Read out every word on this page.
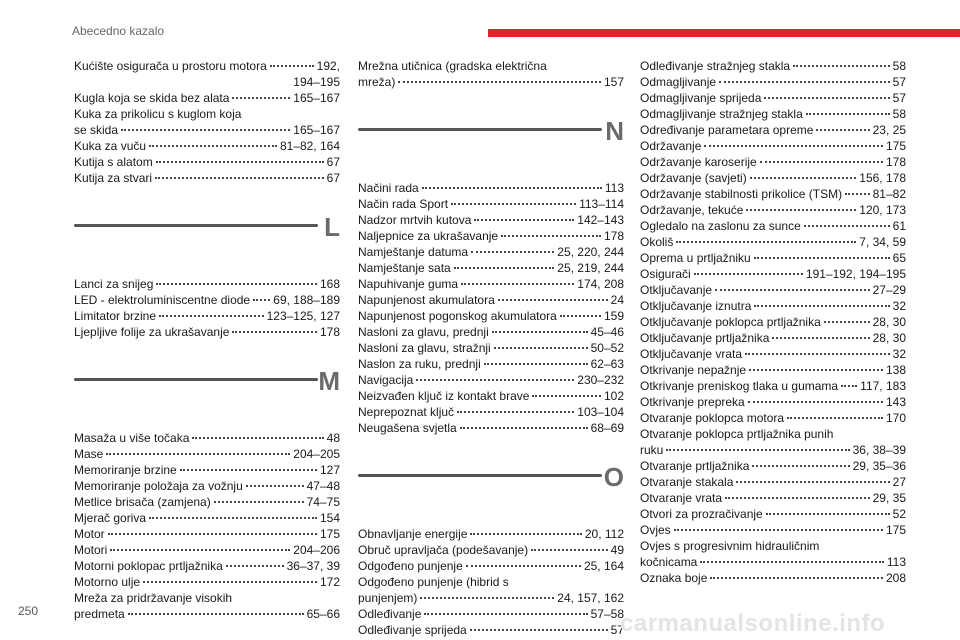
Abecedno kazalo
Kućište osigurača u prostoru motora	192,
194–195
Kugla koja se skida bez alata	165–167
Kuka za prikolicu s kuglom koja
se skida	165–167
Kuka za vuču	81–82, 164
Kutija s alatom	67
Kutija za stvari	67
L
Lanci za snijeg	168
LED - elektroluminiscentne diode 69, 188–189
Limitator brzine	123–125, 127
Ljepljive folije za ukrašavanje	178
M
Masaža u više točaka	48
Mase	204–205
Memoriranje brzine	127
Memoriranje položaja za vožnju	47–48
Metlice brisača (zamjena)	74–75
Mjerač goriva	154
Motor	175
Motori	204–206
Motorni poklopac prtljažnika	36–37, 39
Motorno ulje	172
Mreža za pridržavanje visokih
predmeta	65–66
Mrežna utičnica (gradska električna
mreža)	157
N
Načini rada	113
Način rada Sport	113–114
Nadzor mrtvih kutova	142–143
Naljepnice za ukrašavanje	178
Namještanje datuma	25, 220, 244
Namještanje sata	25, 219, 244
Napuhivanje guma	174, 208
Napunjenost akumulatora	24
Napunjenost pogonskog akumulatora	159
Nasloni za glavu, prednji	45–46
Nasloni za glavu, stražnji	50–52
Naslon za ruku, prednji	62–63
Navigacija	230–232
Neizvađen ključ iz kontakt brave	102
Neprepoznat ključ	103–104
Neugašena svjetla	68–69
O
Obnavljanje energije	20, 112
Obruč upravljača (podešavanje)	49
Odgođeno punjenje	25, 164
Odgođeno punjenje (hibrid s
punjenjem)	24, 157, 162
Odleđivanje	57–58
Odleđivanje sprijeda	57
Odleđivanje stražnjeg stakla	58
Odmagljivanje	57
Odmagljivanje sprijeda	57
Odmagljivanje stražnjeg stakla	58
Određivanje parametara opreme	23, 25
Održavanje	175
Održavanje karoserije	178
Održavanje (savjeti)	156, 178
Održavanje stabilnosti prikolice (TSM)	81–82
Održavanje, tekuće	120, 173
Ogledalo na zaslonu za sunce	61
Okoliš	7, 34, 59
Oprema u prtljažniku	65
Osigurači	191–192, 194–195
Otključavanje	27–29
Otključavanje iznutra	32
Otključavanje poklopca prtljažnika	28, 30
Otključavanje prtljažnika	28, 30
Otključavanje vrata	32
Otkrivanje nepažnje	138
Otkrivanje preniskog tlaka u gumama 117, 183
Otkrivanje prepreka	143
Otvaranje poklopca motora	170
Otvaranje poklopca prtljažnika punih
ruku	36, 38–39
Otvaranje prtljažnika	29, 35–36
Otvaranje stakala	27
Otvaranje vrata	29, 35
Otvori za prozračivanje	52
Ovjes	175
Ovjes s progresivnim hidrauličnim
kočnicama	113
Oznaka boje	208
250	carmanualsonline.info
